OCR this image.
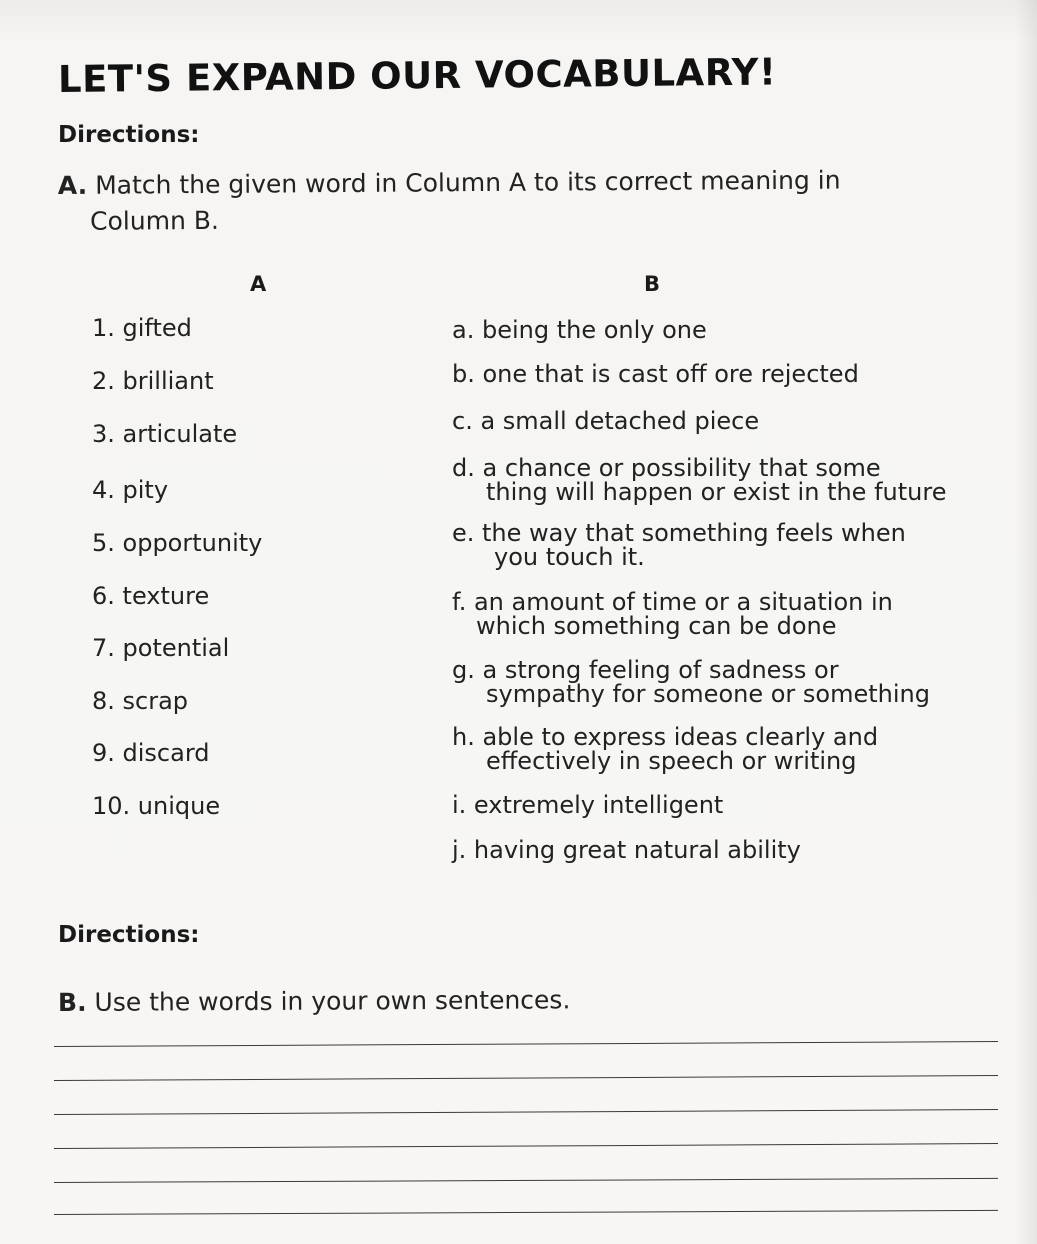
LET'S EXPAND OUR VOCABULARY!
Directions:
A. Match the given word in Column A to its correct meaning in
Column B.
A	B
1. gifted
2. brilliant
3. articulate
4. pity
5. opportunity
6. texture
7. potential
8. scrap
9. discard
10. unique
a. being the only one
b. one that is cast off ore rejected
c. a small detached piece
d. a chance or possibility that some
thing will happen or exist in the future
e. the way that something feels when
you touch it.
f. an amount of time or a situation in
which something can be done
g. a strong feeling of sadness or
sympathy for someone or something
h. able to express ideas clearly and
effectively in speech or writing
i. extremely intelligent
j. having great natural ability
Directions:
B. Use the words in your own sentences.
